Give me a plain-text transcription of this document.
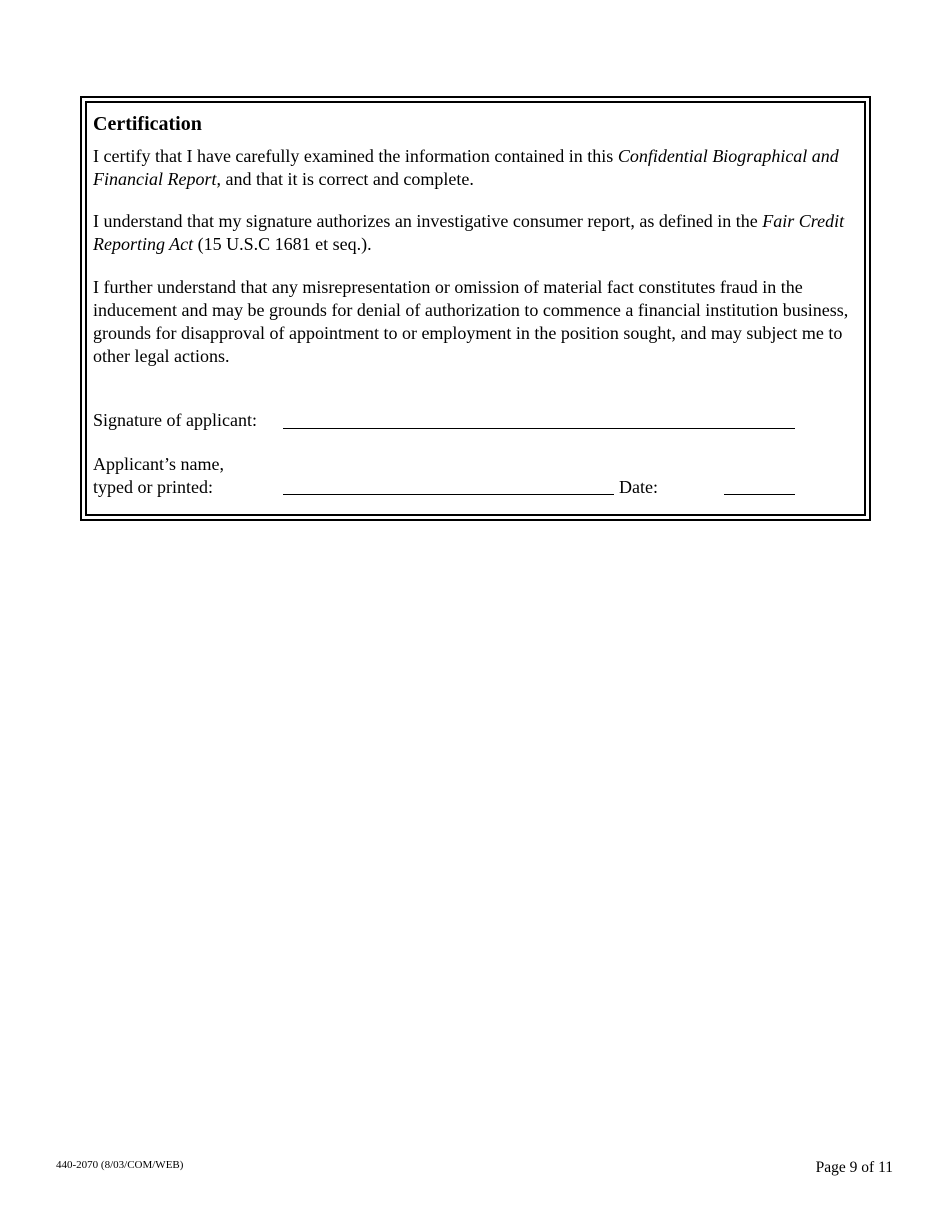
Certification

I certify that I have carefully examined the information contained in this Confidential Biographical and Financial Report, and that it is correct and complete.

I understand that my signature authorizes an investigative consumer report, as defined in the Fair Credit Reporting Act (15 U.S.C 1681 et seq.).

I further understand that any misrepresentation or omission of material fact constitutes fraud in the inducement and may be grounds for denial of authorization to commence a financial institution business, grounds for disapproval of appointment to or employment in the position sought, and may subject me to other legal actions.

Signature of applicant:
Applicant’s name,
typed or printed:	Date:
440-2070 (8/03/COM/WEB)	Page 9 of 11
